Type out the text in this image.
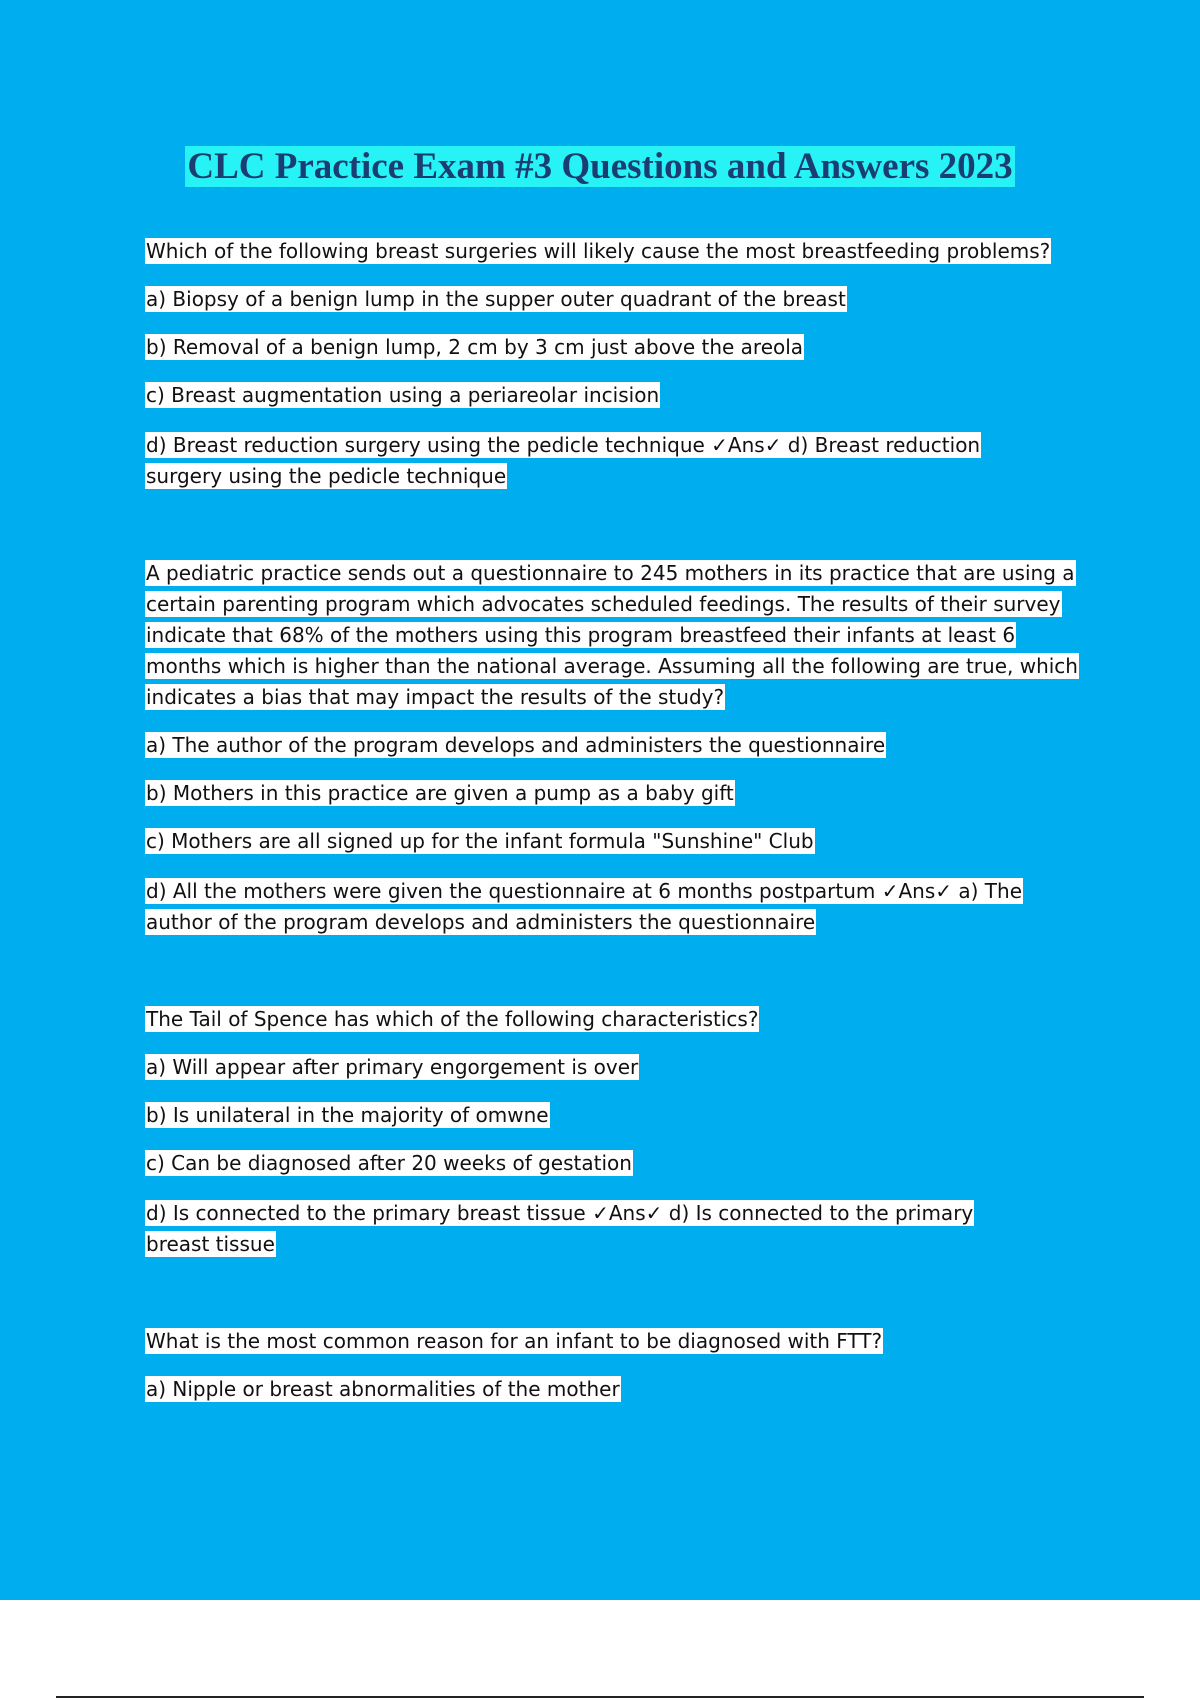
CLC Practice Exam #3 Questions and Answers 2023

Which of the following breast surgeries will likely cause the most breastfeeding problems?

a) Biopsy of a benign lump in the supper outer quadrant of the breast

b) Removal of a benign lump, 2 cm by 3 cm just above the areola

c) Breast augmentation using a periareolar incision

d) Breast reduction surgery using the pedicle technique ✓Ans✓ d) Breast reduction surgery using the pedicle technique

A pediatric practice sends out a questionnaire to 245 mothers in its practice that are using a certain parenting program which advocates scheduled feedings. The results of their survey indicate that 68% of the mothers using this program breastfeed their infants at least 6 months which is higher than the national average. Assuming all the following are true, which indicates a bias that may impact the results of the study?

a) The author of the program develops and administers the questionnaire

b) Mothers in this practice are given a pump as a baby gift

c) Mothers are all signed up for the infant formula "Sunshine" Club

d) All the mothers were given the questionnaire at 6 months postpartum ✓Ans✓ a) The author of the program develops and administers the questionnaire

The Tail of Spence has which of the following characteristics?

a) Will appear after primary engorgement is over

b) Is unilateral in the majority of omwne

c) Can be diagnosed after 20 weeks of gestation

d) Is connected to the primary breast tissue ✓Ans✓ d) Is connected to the primary breast tissue

What is the most common reason for an infant to be diagnosed with FTT?

a) Nipple or breast abnormalities of the mother
